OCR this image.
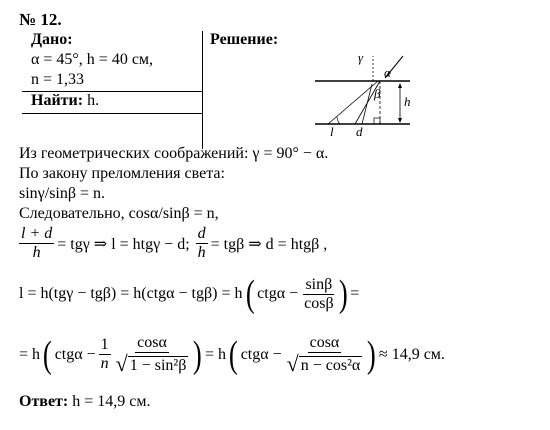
№ 12.
Дано:
α = 45°, h = 40 см,
n = 1,33
Найти: h.
Решение:
γ
α
β
h
l d
Из геометрических соображений: γ = 90° − α.
По закону преломления света:
sinγ/sinβ = n.
Следовательно, cosα/sinβ = n,
$\frac{l + d}{h} = tg\gamma$ ⇒ l = htgγ − d; $\frac{d}{h} = tg\beta$ ⇒ d = htgβ ,
l = h(tgγ − tgβ) = h(ctgα − tgβ) = h ( $ctg\alpha - \frac{\sin\beta}{\cos\beta}$ ) =
= h ( $ctg\alpha - \frac{1}{n} \frac{\cos\alpha}{\text{√ 1 − sin²β}}$ ) = h ( $ctg\alpha - \frac{\cos\alpha}{\text{√ n − cos²α}}$ ) ≈ 14,9 см.
Ответ: h = 14,9 см.
